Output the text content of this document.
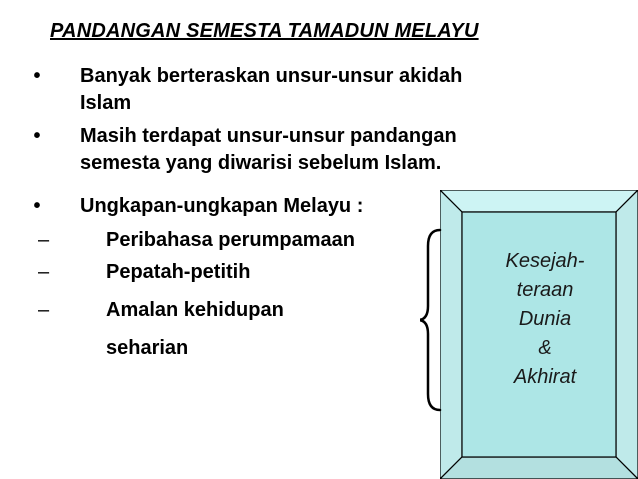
PANDANGAN SEMESTA TAMADUN MELAYU
• Banyak berteraskan unsur-unsur akidah
Islam
• Masih terdapat unsur-unsur pandangan
semesta yang diwarisi sebelum Islam.
• Ungkapan-ungkapan Melayu :
–	Peribahasa perumpamaan
–	Pepatah-petitih
–	Amalan kehidupan
seharian
Kesejah-
teraan
Dunia
&
Akhirat
